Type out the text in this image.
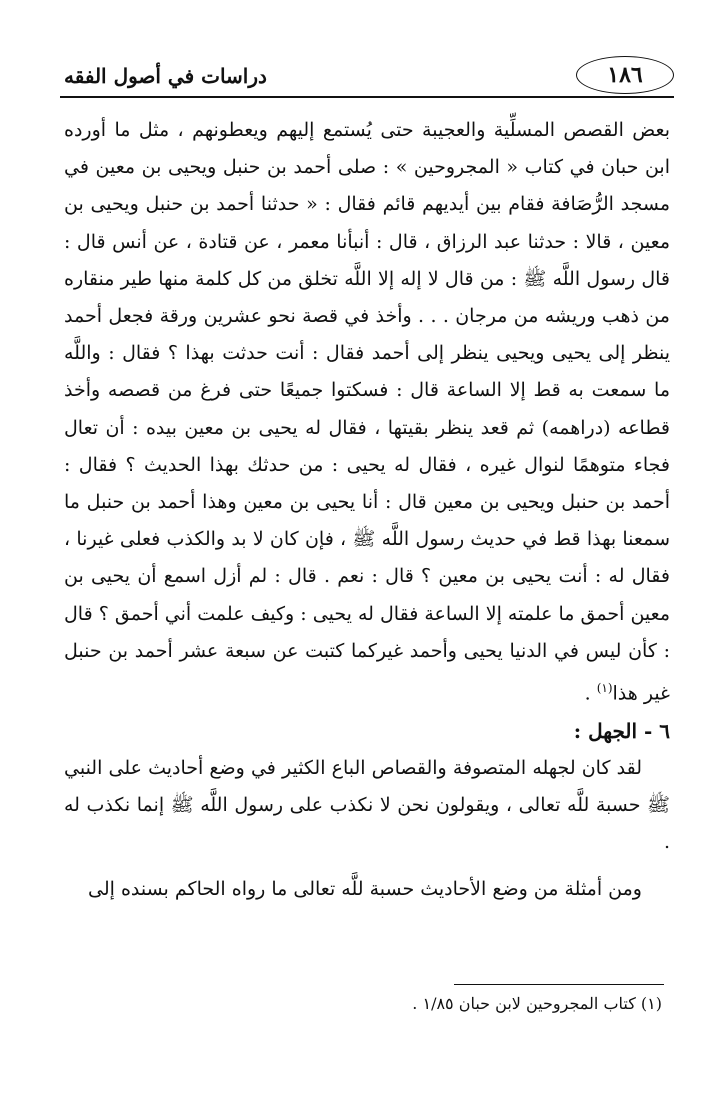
١٨٦
دراسات في أصول الفقه

بعض القصص المسلِّية والعجيبة حتى يُستمع إليهم ويعطونهم ، مثل ما أورده ابن حبان في كتاب « المجروحين » : صلى أحمد بن حنبل ويحيى بن معين في مسجد الرُّصَافة فقام بين أيديهم قائم فقال : « حدثنا أحمد بن حنبل ويحيى بن معين ، قالا : حدثنا عبد الرزاق ، قال : أنبأنا معمر ، عن قتادة ، عن أنس قال : قال رسول اللَّه ﷺ : من قال لا إله إلا اللَّه تخلق من كل كلمة منها طير منقاره من ذهب وريشه من مرجان . . . وأخذ في قصة نحو عشرين ورقة فجعل أحمد ينظر إلى يحيى ويحيى ينظر إلى أحمد فقال : أنت حدثت بهذا ؟ فقال : واللَّه ما سمعت به قط إلا الساعة قال : فسكتوا جميعًا حتى فرغ من قصصه وأخذ قطاعه (دراهمه) ثم قعد ينظر بقيتها ، فقال له يحيى بن معين بيده : أن تعال فجاء متوهمًا لنوال غيره ، فقال له يحيى : من حدثك بهذا الحديث ؟ فقال : أحمد بن حنبل ويحيى بن معين قال : أنا يحيى بن معين وهذا أحمد بن حنبل ما سمعنا بهذا قط في حديث رسول اللَّه ﷺ ، فإن كان لا بد والكذب فعلى غيرنا ، فقال له : أنت يحيى بن معين ؟ قال : نعم . قال : لم أزل اسمع أن يحيى بن معين أحمق ما علمته إلا الساعة فقال له يحيى : وكيف علمت أني أحمق ؟ قال : كأن ليس في الدنيا يحيى وأحمد غيركما كتبت عن سبعة عشر أحمد بن حنبل غير هذا$^{(١)}$ .

٦ - الجهل :

لقد كان لجهله المتصوفة والقصاص الباع الكثير في وضع أحاديث على النبي ﷺ حسبة للَّه تعالى ، ويقولون نحن لا نكذب على رسول اللَّه ﷺ إنما نكذب له .

ومن أمثلة من وضع الأحاديث حسبة للَّه تعالى ما رواه الحاكم بسنده إلى

(١) كتاب المجروحين لابن حبان ١/٨٥ .
